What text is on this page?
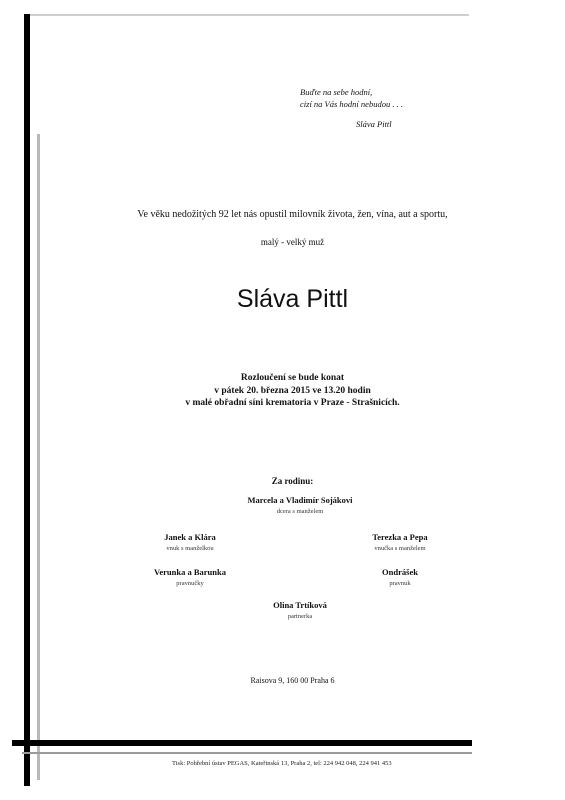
Buďte na sebe hodní,
cizí na Vás hodní nebudou . . .
Sláva Pittl
Ve věku nedožitých 92 let nás opustil milovník života, žen, vína, aut a sportu,
malý - velký muž
Sláva Pittl
Rozloučení se bude konat
v pátek 20. března 2015 ve 13.20 hodin
v malé obřadní síni krematoria v Praze - Strašnicích.
Za rodinu:
Marcela a Vladimír Sojákovi
dcera s manželem
Janek a Klára
vnuk s manželkou
Terezka a Pepa
vnučka s manželem
Verunka a Barunka
pravnučky
Ondrášek
pravnuk
Olina Trtíková
partnerka
Raisova 9, 160 00 Praha 6
Tisk: Pohřební ústav PEGAS, Kateřinská 13, Praha 2, tel: 224 942 048, 224 941 453
